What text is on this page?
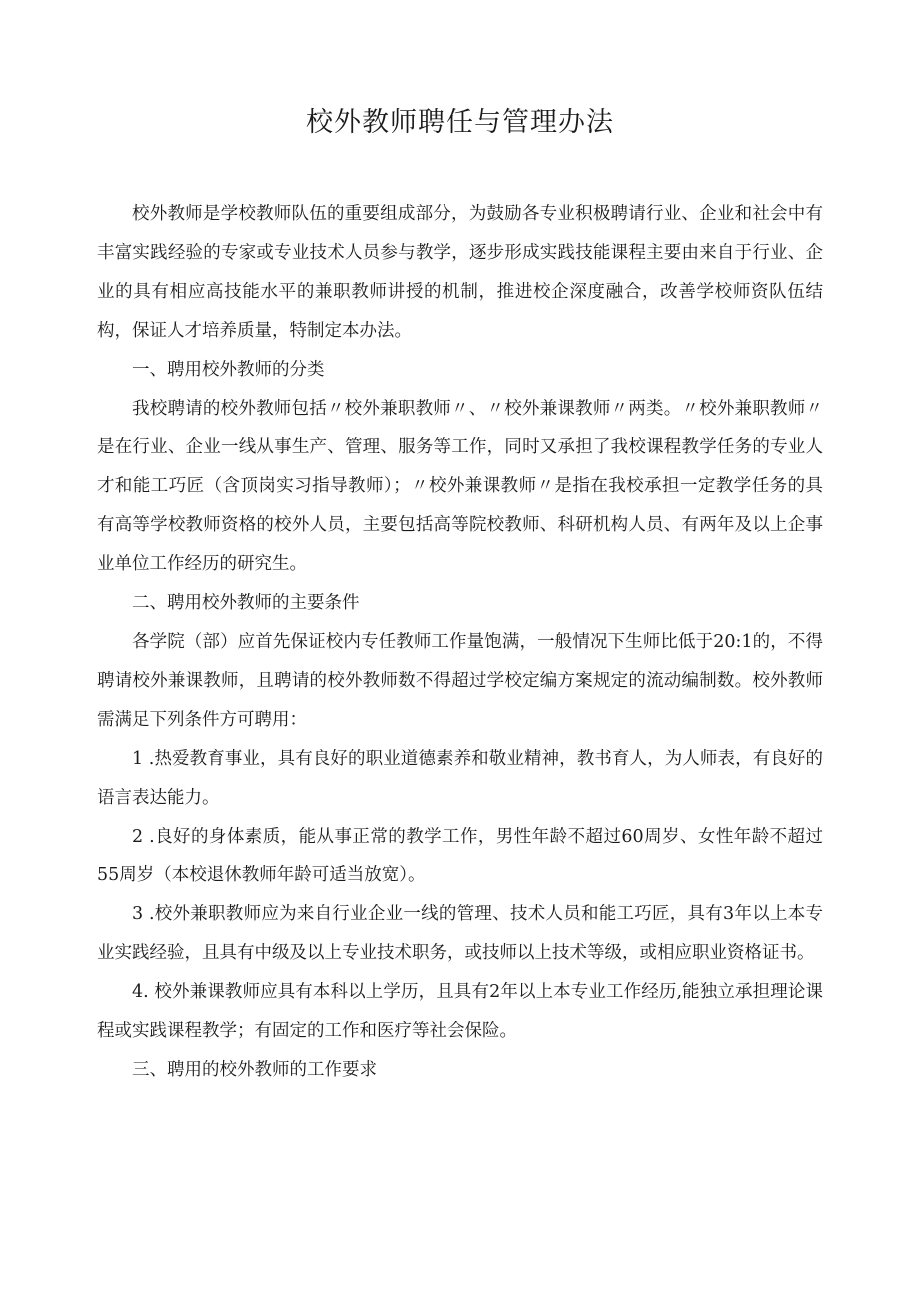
校外教师聘任与管理办法

校外教师是学校教师队伍的重要组成部分，为鼓励各专业积极聘请行业、企业和社会中有丰富实践经验的专家或专业技术人员参与教学，逐步形成实践技能课程主要由来自于行业、企业的具有相应高技能水平的兼职教师讲授的机制，推进校企深度融合，改善学校师资队伍结构，保证人才培养质量，特制定本办法。

一、聘用校外教师的分类

我校聘请的校外教师包括〃校外兼职教师〃、〃校外兼课教师〃两类。〃校外兼职教师〃是在行业、企业一线从事生产、管理、服务等工作，同时又承担了我校课程教学任务的专业人才和能工巧匠（含顶岗实习指导教师）；〃校外兼课教师〃是指在我校承担一定教学任务的具有高等学校教师资格的校外人员，主要包括高等院校教师、科研机构人员、有两年及以上企事业单位工作经历的研究生。

二、聘用校外教师的主要条件

各学院（部）应首先保证校内专任教师工作量饱满，一般情况下生师比低于20:1的，不得聘请校外兼课教师，且聘请的校外教师数不得超过学校定编方案规定的流动编制数。校外教师需满足下列条件方可聘用：

1 .热爱教育事业，具有良好的职业道德素养和敬业精神，教书育人，为人师表，有良好的语言表达能力。

2 .良好的身体素质，能从事正常的教学工作，男性年龄不超过60周岁、女性年龄不超过55周岁（本校退休教师年龄可适当放宽）。

3 .校外兼职教师应为来自行业企业一线的管理、技术人员和能工巧匠，具有3年以上本专业实践经验，且具有中级及以上专业技术职务，或技师以上技术等级，或相应职业资格证书。

4. 校外兼课教师应具有本科以上学历，且具有2年以上本专业工作经历,能独立承担理论课程或实践课程教学；有固定的工作和医疗等社会保险。

三、聘用的校外教师的工作要求
